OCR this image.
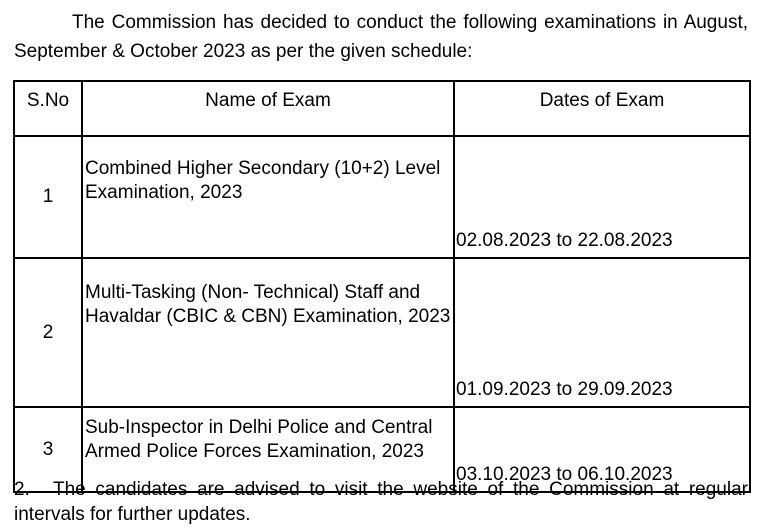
The Commission has decided to conduct the following examinations in August, September & October 2023 as per the given schedule:

S.No	Name of Exam	Dates of Exam
1	Combined Higher Secondary (10+2) Level Examination, 2023	02.08.2023 to 22.08.2023
2	Multi-Tasking (Non- Technical) Staff and Havaldar (CBIC & CBN) Examination, 2023	01.09.2023 to 29.09.2023
3	Sub-Inspector in Delhi Police and Central Armed Police Forces Examination, 2023	03.10.2023 to 06.10.2023

2. The candidates are advised to visit the website of the Commission at regular intervals for further updates.
